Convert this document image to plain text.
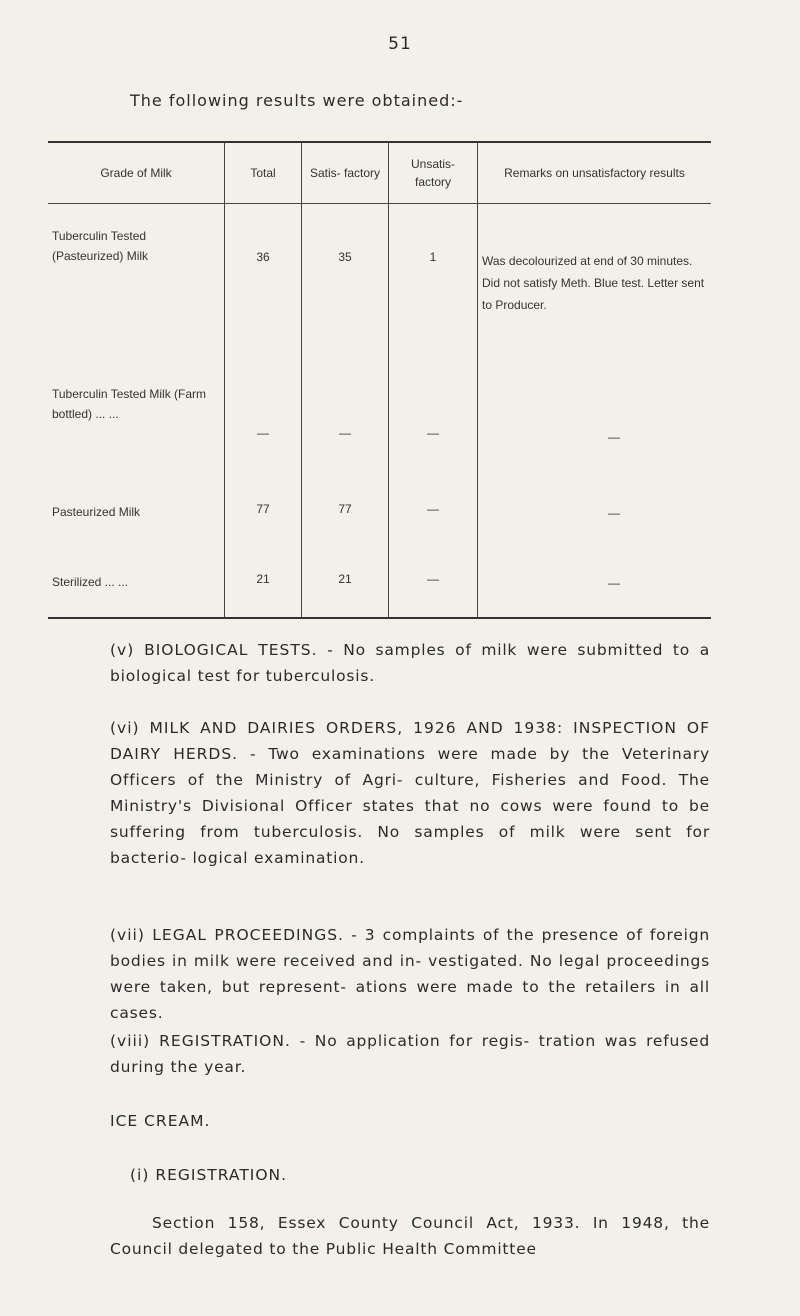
51
The following results were obtained:-
Grade of Milk	Total	Satis- factory	Unsatis- factory	Remarks on unsatisfactory results
Tuberculin Tested (Pasteurized) Milk	36	35	1	Was decolourized at end of 30 minutes. Did not satisfy Meth. Blue test. Letter sent to Producer.
Tuberculin Tested Milk (Farm bottled) ... ...	—	—	—	—
Pasteurized Milk	77	77	—	—
Sterilized ... ...	21	21	—	—
(v) BIOLOGICAL TESTS. - No samples of milk were submitted to a biological test for tuberculosis.
(vi) MILK AND DAIRIES ORDERS, 1926 AND 1938: INSPECTION OF DAIRY HERDS. - Two examinations were made by the Veterinary Officers of the Ministry of Agri- culture, Fisheries and Food. The Ministry's Divisional Officer states that no cows were found to be suffering from tuberculosis. No samples of milk were sent for bacterio- logical examination.
(vii) LEGAL PROCEEDINGS. - 3 complaints of the presence of foreign bodies in milk were received and in- vestigated. No legal proceedings were taken, but represent- ations were made to the retailers in all cases.
(viii) REGISTRATION. - No application for regis- tration was refused during the year.
ICE CREAM.
(i) REGISTRATION.
Section 158, Essex County Council Act, 1933. In 1948, the Council delegated to the Public Health Committee
